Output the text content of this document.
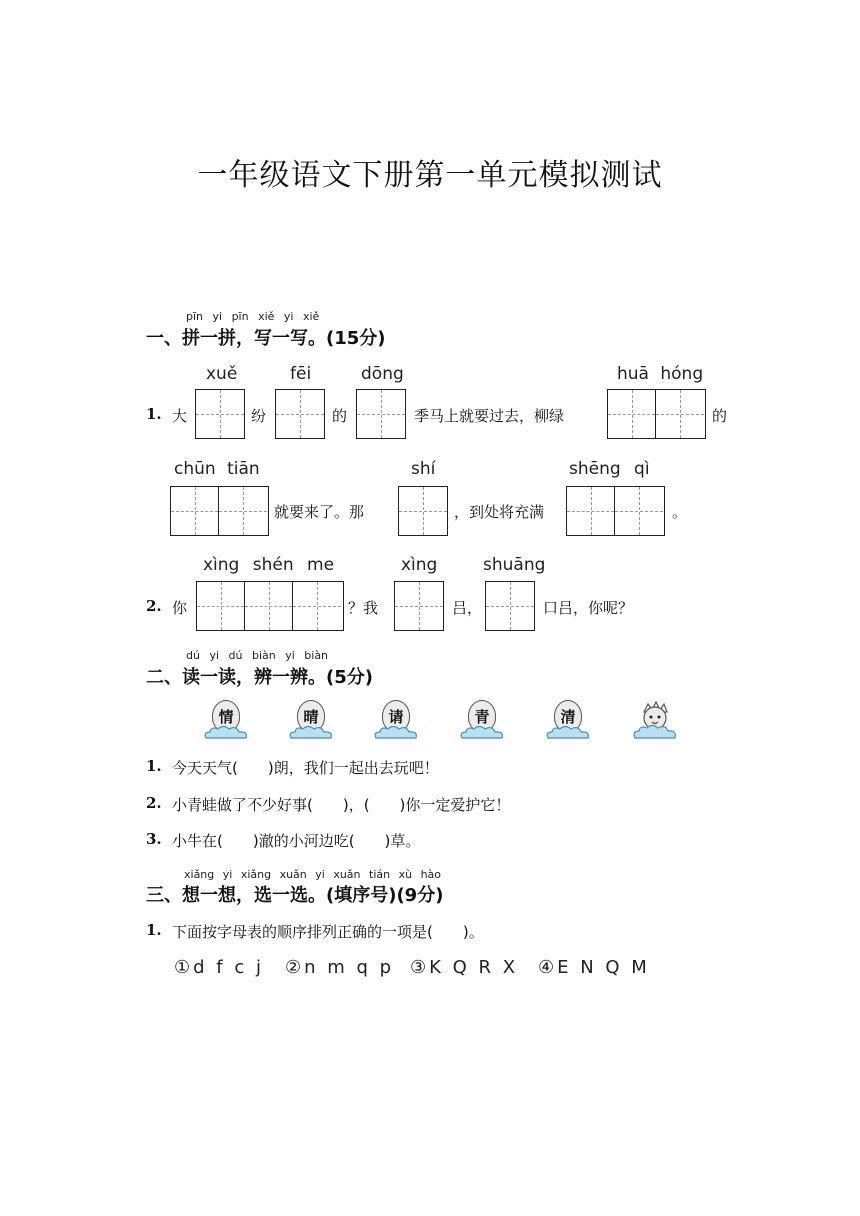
一年级语文下册第一单元模拟测试
pīn yi pīn xiě yi xiě
一、拼一拼，写一写。(15分)
xuě	fēi	dōng	huā hóng
1. 大	纷	的	季马上就要过去，柳绿	的
chūn tiān	shí	shēng qì
就要来了。那	，到处将充满	。
xìng shén me	xìng	shuāng
2. 你	？我	吕，	口吕，你呢？
dú yi dú biàn yi biàn
二、读一读，辨一辨。(5分)
情	晴	请	青	清
1. 今天天气(　　)朗，我们一起出去玩吧！
2. 小青蛙做了不少好事(　　)，(　　)你一定爱护它！
3. 小牛在(　　)澈的小河边吃(　　)草。
xiǎng yi xiǎng xuǎn yi xuǎn tián xù hào
三、想一想，选一选。(填序号)(9分)
1. 下面按字母表的顺序排列正确的一项是(　　)。
①d f c j ②n m q p ③K Q R X ④E N Q M
